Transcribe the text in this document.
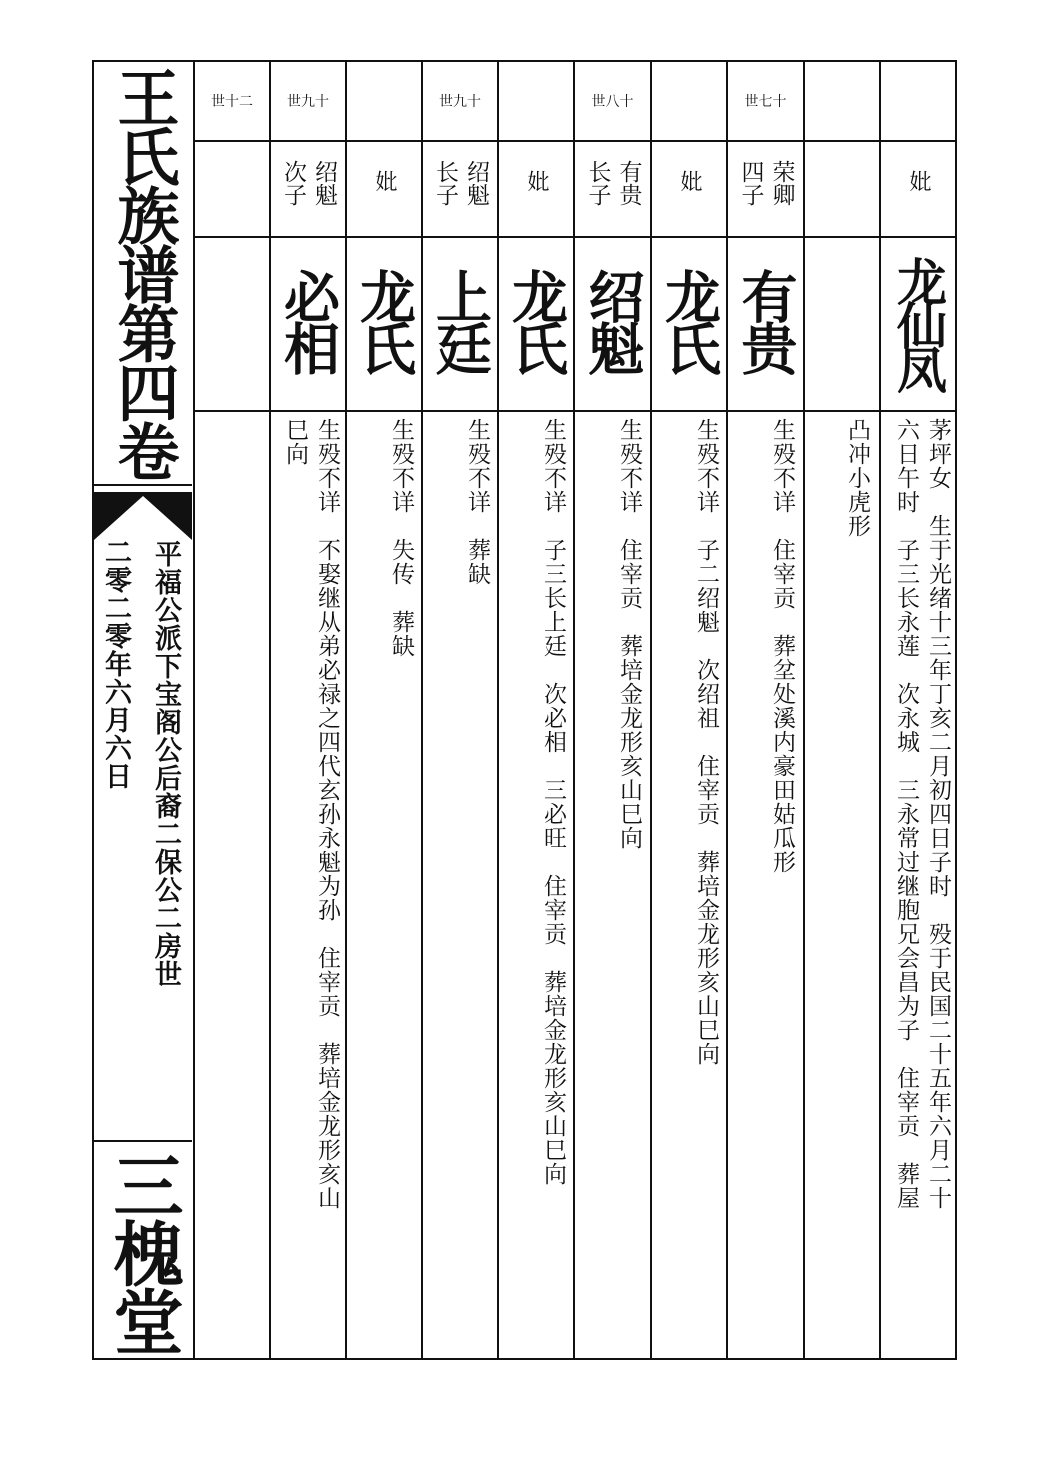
王氏族谱第四卷
平福公派下宝阁公后裔二保公二房世
二零二零年六月六日
三槐堂
世十二	世九十
绍魁
次子
必相
生殁不详　不娶继从弟必禄之四代玄孙永魁为孙　住宰贡　葬培金龙形亥山
巳向
妣
龙氏
生殁不详　失传　葬缺
世九十
绍魁
长子
上廷
生殁不详　葬缺
妣
龙氏
生殁不详　子三长上廷　次必相　三必旺　住宰贡　葬培金龙形亥山巳向
世八十
有贵
长子
绍魁
生殁不详　住宰贡　葬培金龙形亥山巳向
妣
龙氏
生殁不详　子二绍魁　次绍祖　住宰贡　葬培金龙形亥山巳向
世七十
荣卿
四子
有贵
生殁不详　住宰贡　葬坌处溪内豪田姑瓜形 凸冲小虎形
妣
龙仙凤
茅坪女　生于光绪十三年丁亥二月初四日子时　殁于民国二十五年六月二十
六日午时　子三长永莲　次永城　三永常过继胞兄会昌为子　住宰贡　葬屋
